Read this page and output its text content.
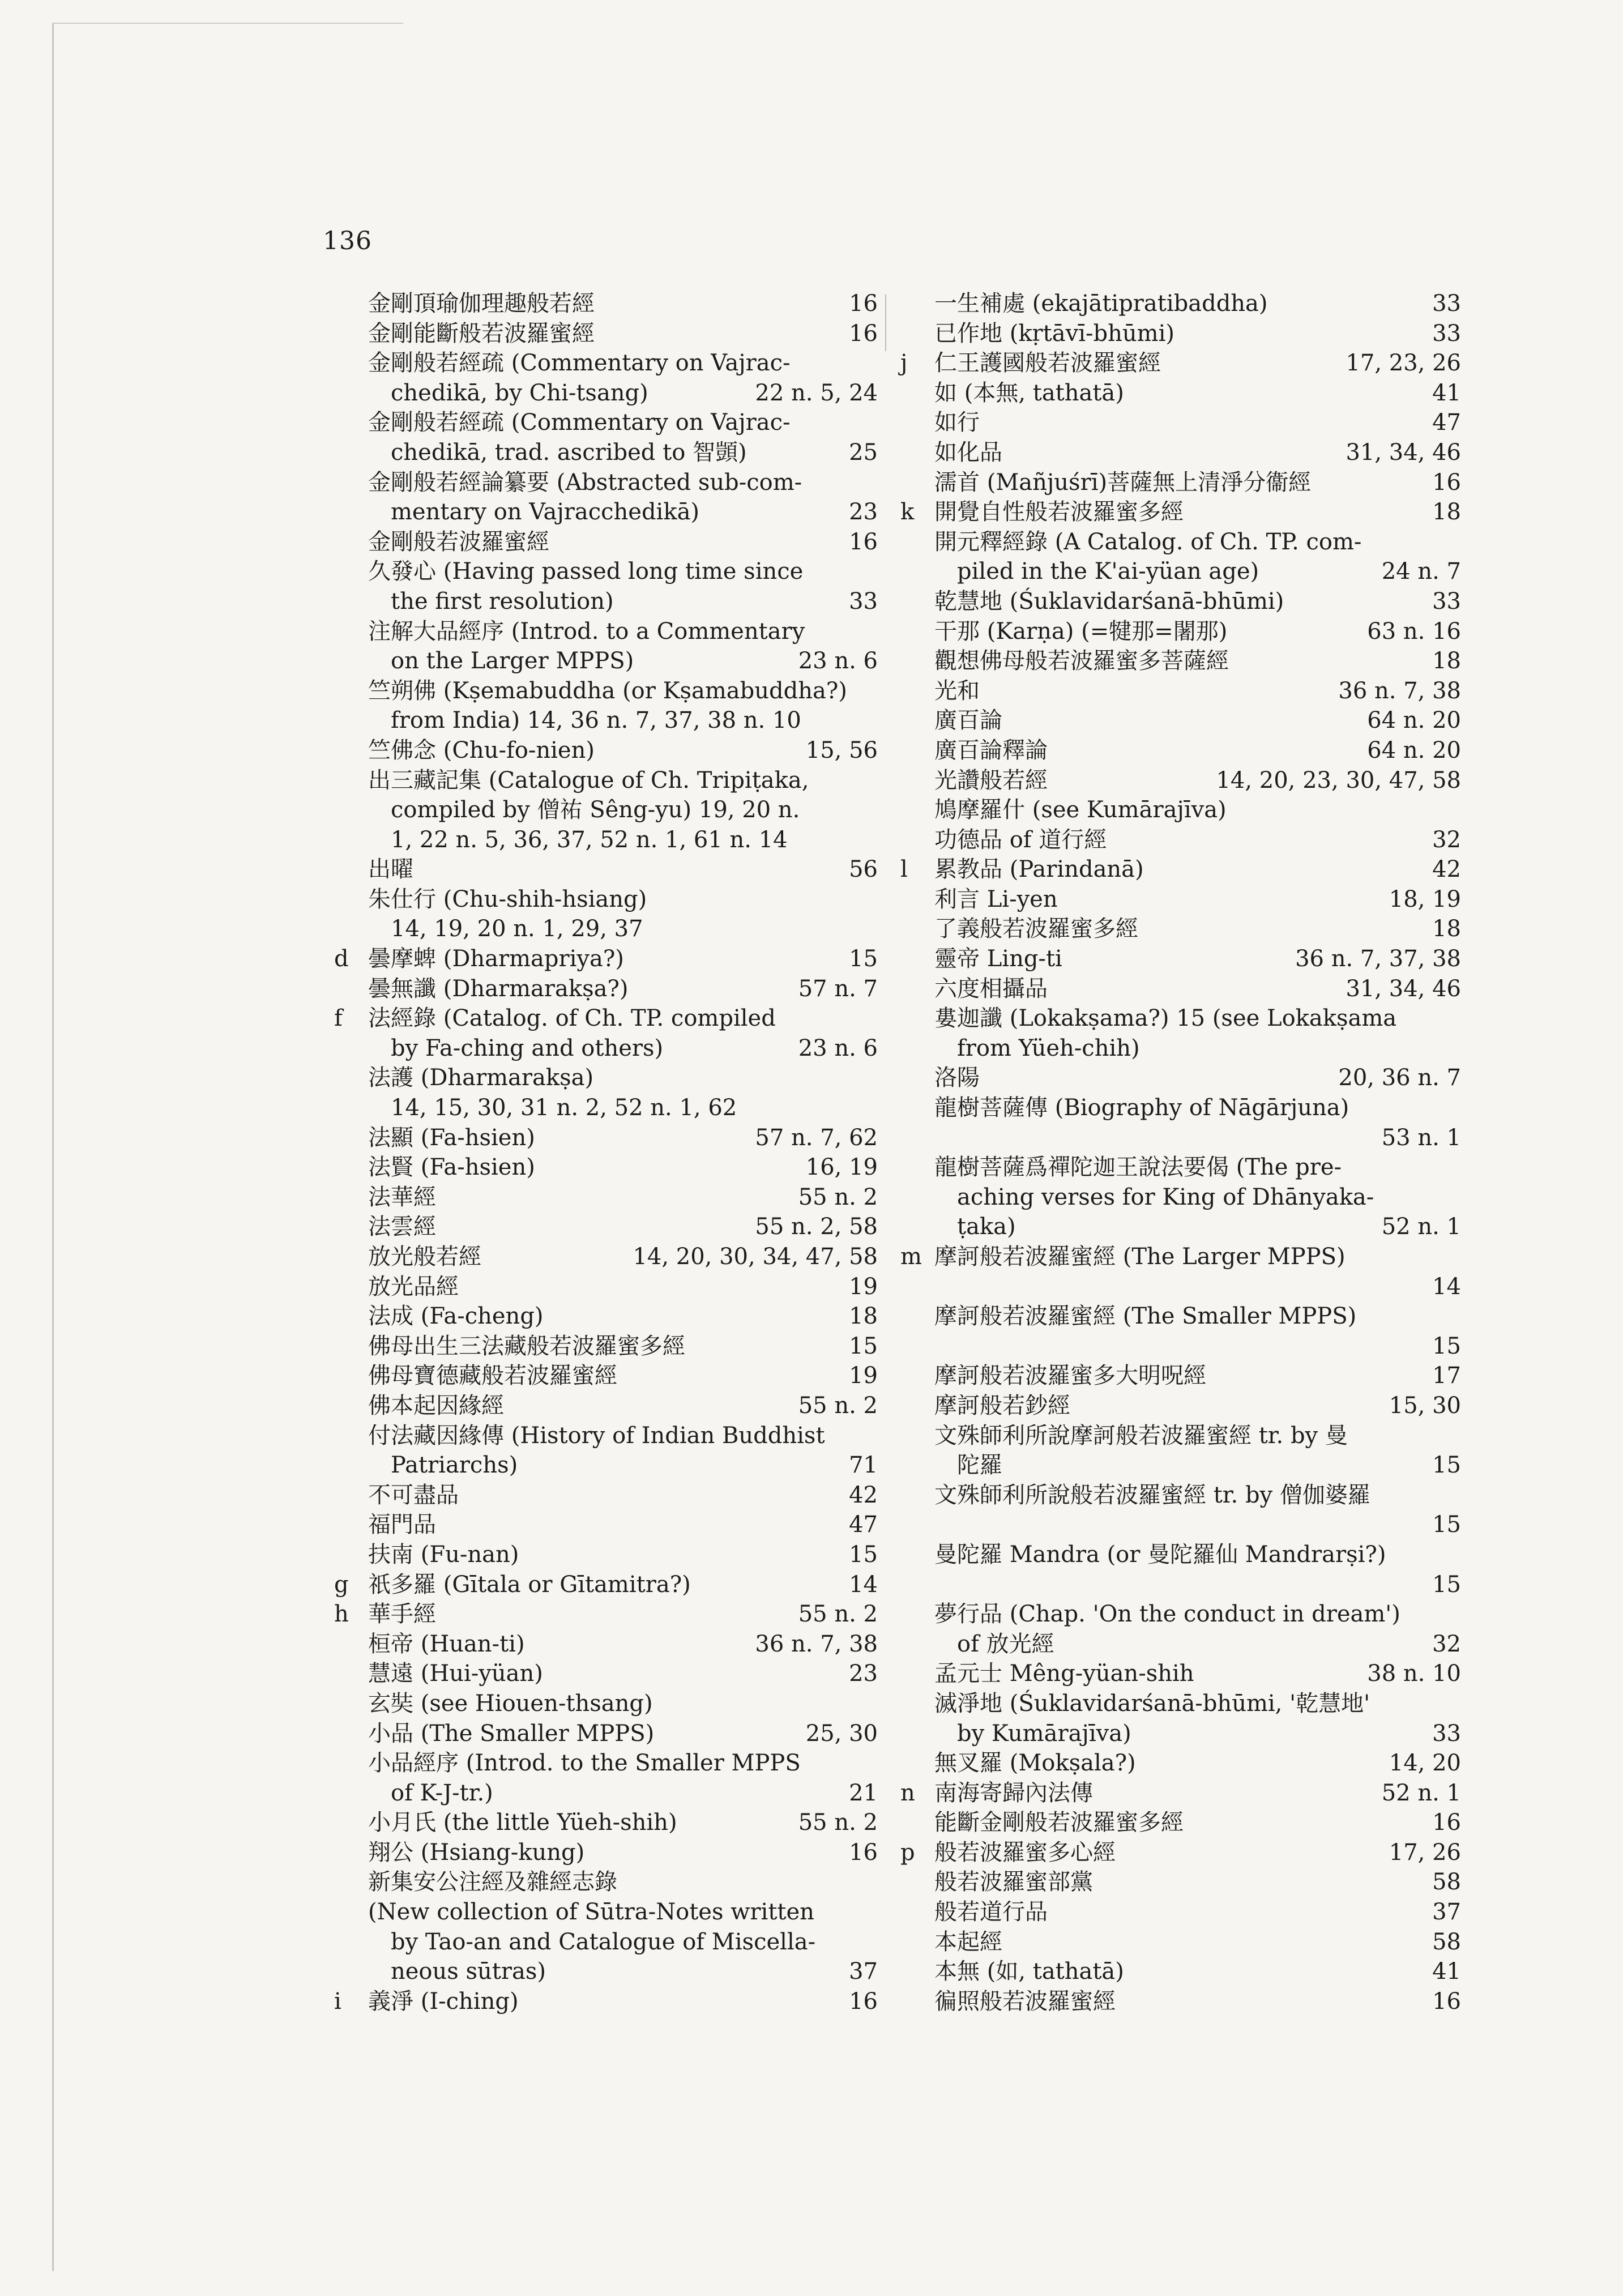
136
金剛頂瑜伽理趣般若經	16
金剛能斷般若波羅蜜經	16
金剛般若經疏 (Commentary on Vajrac-
chedikā, by Chi-tsang)	22 n. 5, 24
金剛般若經疏 (Commentary on Vajrac-
chedikā, trad. ascribed to 智顗)	25
金剛般若經論纂要 (Abstracted sub-com-
mentary on Vajracchedikā)	23
金剛般若波羅蜜經	16
久發心 (Having passed long time since
the first resolution)	33
注解大品經序 (Introd. to a Commentary
on the Larger MPPS)	23 n. 6
竺朔佛 (Kṣemabuddha (or Kṣamabuddha?)
from India) 14, 36 n. 7, 37, 38 n. 10
竺佛念 (Chu-fo-nien)	15, 56
出三藏記集 (Catalogue of Ch. Tripiṭaka,
compiled by 僧祐 Sêng-yu) 19, 20 n.
1, 22 n. 5, 36, 37, 52 n. 1, 61 n. 14
出曜	56
朱仕行 (Chu-shih-hsiang)
14, 19, 20 n. 1, 29, 37
d 曇摩蜱 (Dharmapriya?)	15
曇無讖 (Dharmarakṣa?)	57 n. 7
f	法經錄 (Catalog. of Ch. TP. compiled
by Fa-ching and others)	23 n. 6
法護 (Dharmarakṣa)
14, 15, 30, 31 n. 2, 52 n. 1, 62
法顯 (Fa-hsien)	57 n. 7, 62
法賢 (Fa-hsien)	16, 19
法華經	55 n. 2
法雲經	55 n. 2, 58
放光般若經	14, 20, 30, 34, 47, 58
放光品經	19
法成 (Fa-cheng)	18
佛母出生三法藏般若波羅蜜多經	15
佛母寶德藏般若波羅蜜經	19
佛本起因緣經	55 n. 2
付法藏因緣傳 (History of Indian Buddhist
Patriarchs)	71
不可盡品	42
福門品	47
扶南 (Fu-nan)	15
g 祇多羅 (Gītala or Gītamitra?)	14
h 華手經	55 n. 2
桓帝 (Huan-ti)	36 n. 7, 38
慧遠 (Hui-yüan)	23
玄奘 (see Hiouen-thsang)
小品 (The Smaller MPPS)	25, 30
小品經序 (Introd. to the Smaller MPPS
of K-J-tr.)	21
小月氏 (the little Yüeh-shih)	55 n. 2
翔公 (Hsiang-kung)	16
新集安公注經及雜經志錄
(New collection of Sūtra-Notes written
by Tao-an and Catalogue of Miscella-
neous sūtras)	37
i	義淨 (I-ching)	16
一生補處 (ekajātipratibaddha)	33
已作地 (kṛtāvī-bhūmi)	33
j	仁王護國般若波羅蜜經	17, 23, 26
如 (本無, tathatā)	41
如行	47
如化品	31, 34, 46
濡首 (Mañjuśrī)菩薩無上清淨分衞經	16
k 開覺自性般若波羅蜜多經	18
開元釋經錄 (A Catalog. of Ch. TP. com-
piled in the K'ai-yüan age)	24 n. 7
乾慧地 (Śuklavidarśanā-bhūmi)	33
干那 (Karṇa) (=犍那=闍那)	63 n. 16
觀想佛母般若波羅蜜多菩薩經	18
光和	36 n. 7, 38
廣百論	64 n. 20
廣百論釋論	64 n. 20
光讚般若經	14, 20, 23, 30, 47, 58
鳩摩羅什 (see Kumārajīva)
功德品 of 道行經	32
l	累教品 (Parindanā)	42
利言 Li-yen	18, 19
了義般若波羅蜜多經	18
靈帝 Ling-ti	36 n. 7, 37, 38
六度相攝品	31, 34, 46
婁迦讖 (Lokakṣama?) 15 (see Lokakṣama
from Yüeh-chih)
洛陽	20, 36 n. 7
龍樹菩薩傳 (Biography of Nāgārjuna)
53 n. 1
龍樹菩薩爲禪陀迦王說法要偈 (The pre-
aching verses for King of Dhānyaka-
ṭaka)	52 n. 1
m 摩訶般若波羅蜜經 (The Larger MPPS)
14
摩訶般若波羅蜜經 (The Smaller MPPS)
15
摩訶般若波羅蜜多大明呪經	17
摩訶般若鈔經	15, 30
文殊師利所說摩訶般若波羅蜜經 tr. by 曼
陀羅	15
文殊師利所說般若波羅蜜經 tr. by 僧伽婆羅
15
曼陀羅 Mandra (or 曼陀羅仙 Mandrarṣi?)
15
夢行品 (Chap. 'On the conduct in dream')
of 放光經	32
孟元士 Mêng-yüan-shih	38 n. 10
滅淨地 (Śuklavidarśanā-bhūmi, '乾慧地'
by Kumārajīva)	33
無叉羅 (Mokṣala?)	14, 20
n 南海寄歸內法傳	52 n. 1
能斷金剛般若波羅蜜多經	16
p 般若波羅蜜多心經	17, 26
般若波羅蜜部黨	58
般若道行品	37
本起經	58
本無 (如, tathatā)	41
徧照般若波羅蜜經	16
